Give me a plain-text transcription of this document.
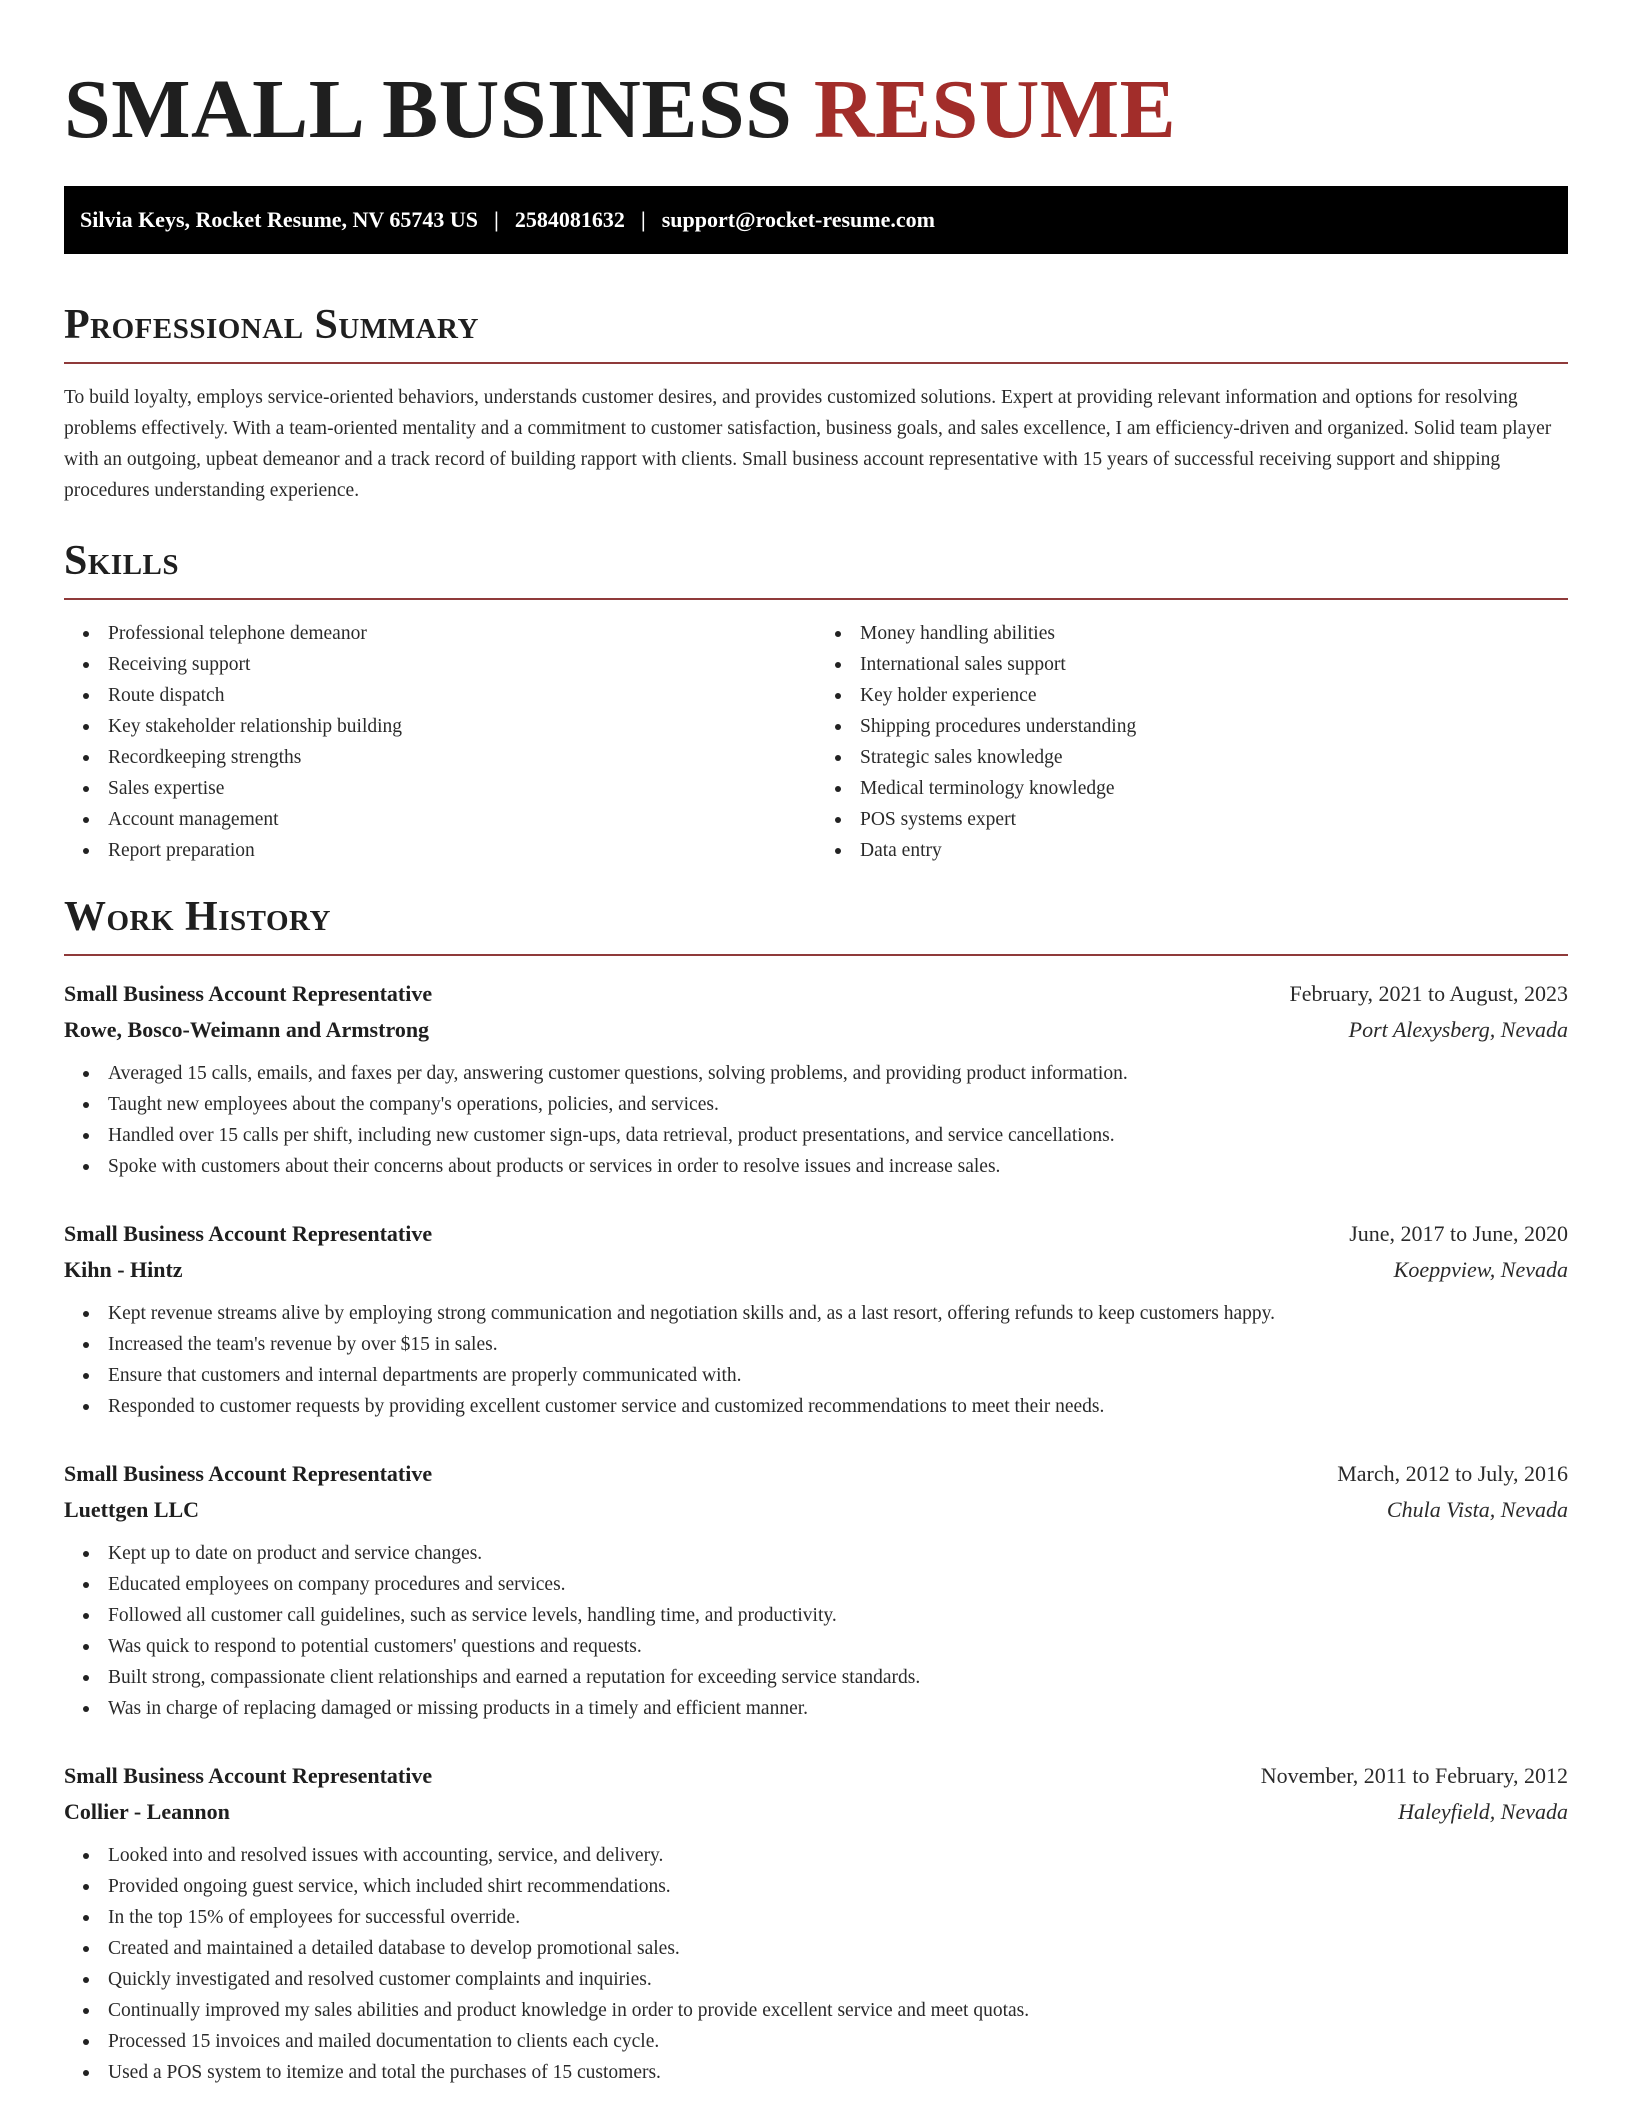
SMALL BUSINESS RESUME
Silvia Keys, Rocket Resume, NV 65743 US | 2584081632 | support@rocket-resume.com
Professional Summary

To build loyalty, employs service-oriented behaviors, understands customer desires, and provides customized solutions. Expert at providing relevant information and options for resolving problems effectively. With a team-oriented mentality and a commitment to customer satisfaction, business goals, and sales excellence, I am efficiency-driven and organized. Solid team player with an outgoing, upbeat demeanor and a track record of building rapport with clients. Small business account representative with 15 years of successful receiving support and shipping procedures understanding experience.

Skills
Professional telephone demeanor
Receiving support
Route dispatch
Key stakeholder relationship building
Recordkeeping strengths
Sales expertise
Account management
Report preparation
Money handling abilities
International sales support
Key holder experience
Shipping procedures understanding
Strategic sales knowledge
Medical terminology knowledge
POS systems expert
Data entry
Work History
Small Business Account Representative	February, 2021 to August, 2023
Rowe, Bosco-Weimann and Armstrong	Port Alexysberg, Nevada
Averaged 15 calls, emails, and faxes per day, answering customer questions, solving problems, and providing product information.
Taught new employees about the company's operations, policies, and services.
Handled over 15 calls per shift, including new customer sign-ups, data retrieval, product presentations, and service cancellations.
Spoke with customers about their concerns about products or services in order to resolve issues and increase sales.
Small Business Account Representative	June, 2017 to June, 2020
Kihn - Hintz	Koeppview, Nevada
Kept revenue streams alive by employing strong communication and negotiation skills and, as a last resort, offering refunds to keep customers happy.
Increased the team's revenue by over $15 in sales.
Ensure that customers and internal departments are properly communicated with.
Responded to customer requests by providing excellent customer service and customized recommendations to meet their needs.
Small Business Account Representative	March, 2012 to July, 2016
Luettgen LLC	Chula Vista, Nevada
Kept up to date on product and service changes.
Educated employees on company procedures and services.
Followed all customer call guidelines, such as service levels, handling time, and productivity.
Was quick to respond to potential customers' questions and requests.
Built strong, compassionate client relationships and earned a reputation for exceeding service standards.
Was in charge of replacing damaged or missing products in a timely and efficient manner.
Small Business Account Representative	November, 2011 to February, 2012
Collier - Leannon	Haleyfield, Nevada
Looked into and resolved issues with accounting, service, and delivery.
Provided ongoing guest service, which included shirt recommendations.
In the top 15% of employees for successful override.
Created and maintained a detailed database to develop promotional sales.
Quickly investigated and resolved customer complaints and inquiries.
Continually improved my sales abilities and product knowledge in order to provide excellent service and meet quotas.
Processed 15 invoices and mailed documentation to clients each cycle.
Used a POS system to itemize and total the purchases of 15 customers.
